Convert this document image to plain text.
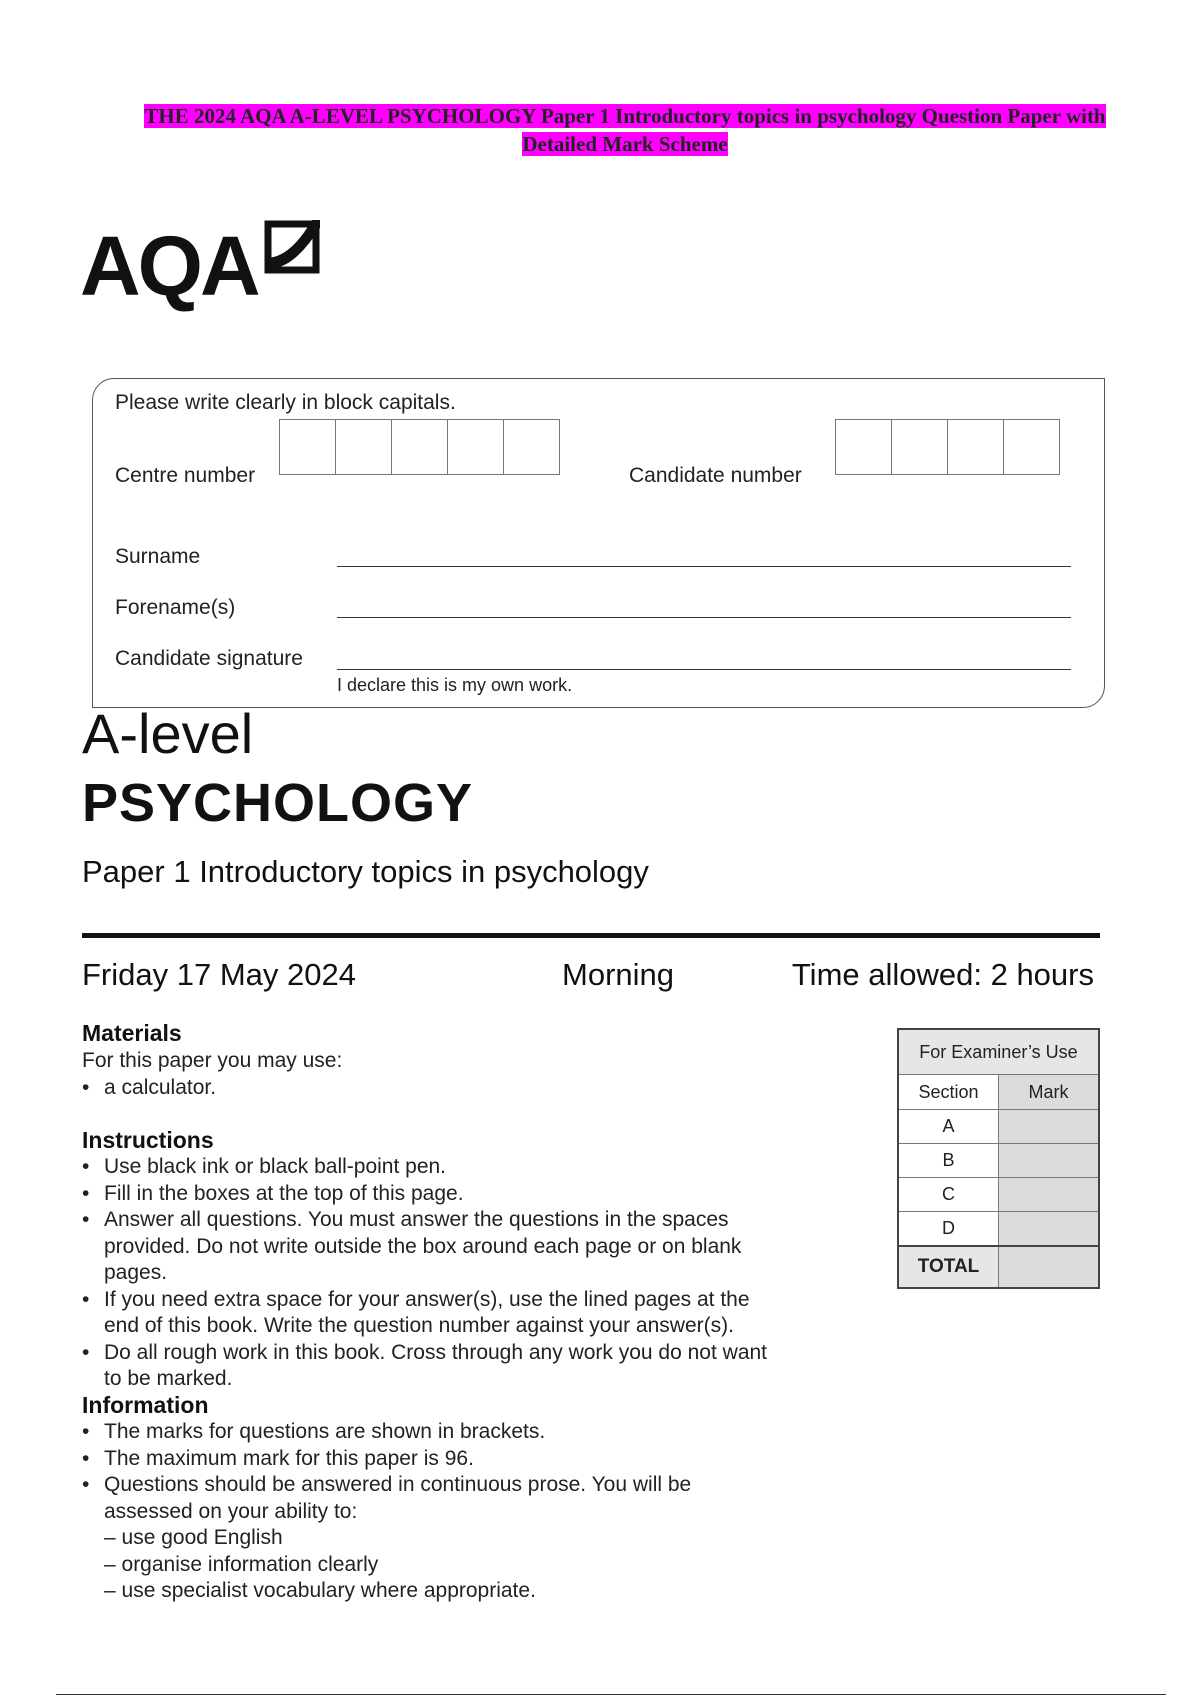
THE 2024 AQA A-LEVEL PSYCHOLOGY Paper 1 Introductory topics in psychology Question Paper with
Detailed Mark Scheme
AQA
Please write clearly in block capitals.
Centre number	Candidate number
Surname
Forename(s)
Candidate signature
I declare this is my own work.
A-level
PSYCHOLOGY
Paper 1 Introductory topics in psychology
Friday 17 May 2024	Morning	Time allowed: 2 hours
Materials
For this paper you may use:
• a calculator.
Instructions
• Use black ink or black ball-point pen.
• Fill in the boxes at the top of this page.
• Answer all questions. You must answer the questions in the spaces provided. Do not write outside the box around each page or on blank pages.
• If you need extra space for your answer(s), use the lined pages at the end of this book. Write the question number against your answer(s).
• Do all rough work in this book. Cross through any work you do not want to be marked.
Information
• The marks for questions are shown in brackets.
• The maximum mark for this paper is 96.
• Questions should be answered in continuous prose. You will be assessed on your ability to:
– use good English
– organise information clearly
– use specialist vocabulary where appropriate.
For Examiner’s Use	
Section	Mark
A	
B	
C	
D	
TOTAL	
